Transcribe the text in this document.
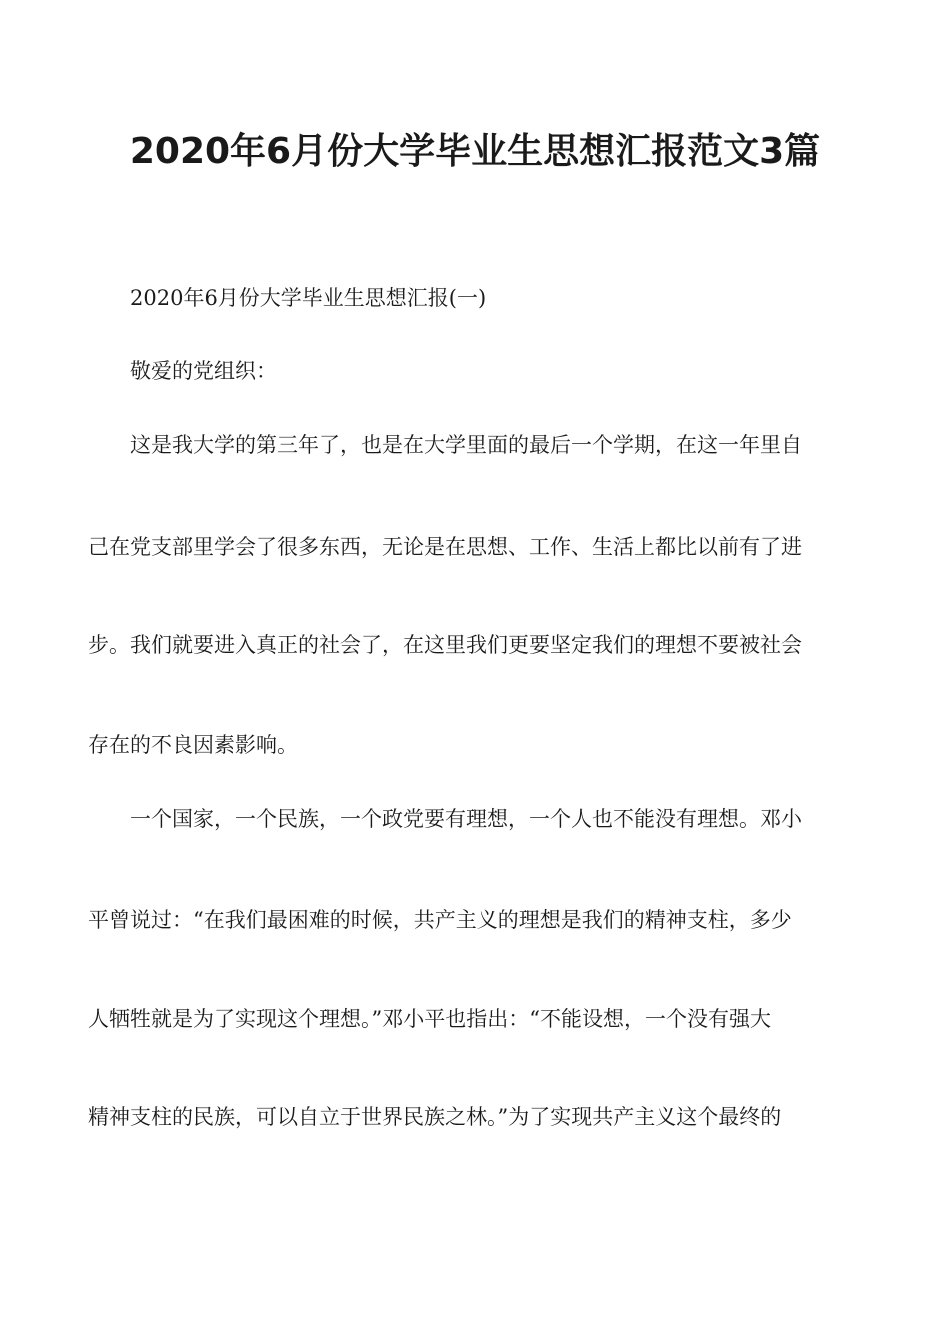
2020年6月份大学毕业生思想汇报范文3篇
2020年6月份大学毕业生思想汇报(一)
敬爱的党组织：
这是我大学的第三年了，也是在大学里面的最后一个学期，在这一年里自
己在党支部里学会了很多东西，无论是在思想、工作、生活上都比以前有了进
步。我们就要进入真正的社会了，在这里我们更要坚定我们的理想不要被社会
存在的不良因素影响。
一个国家，一个民族，一个政党要有理想，一个人也不能没有理想。邓小
平曾说过：“在我们最困难的时候，共产主义的理想是我们的精神支柱，多少
人牺牲就是为了实现这个理想。”邓小平也指出：“不能设想，一个没有强大
精神支柱的民族，可以自立于世界民族之林。”为了实现共产主义这个最终的
